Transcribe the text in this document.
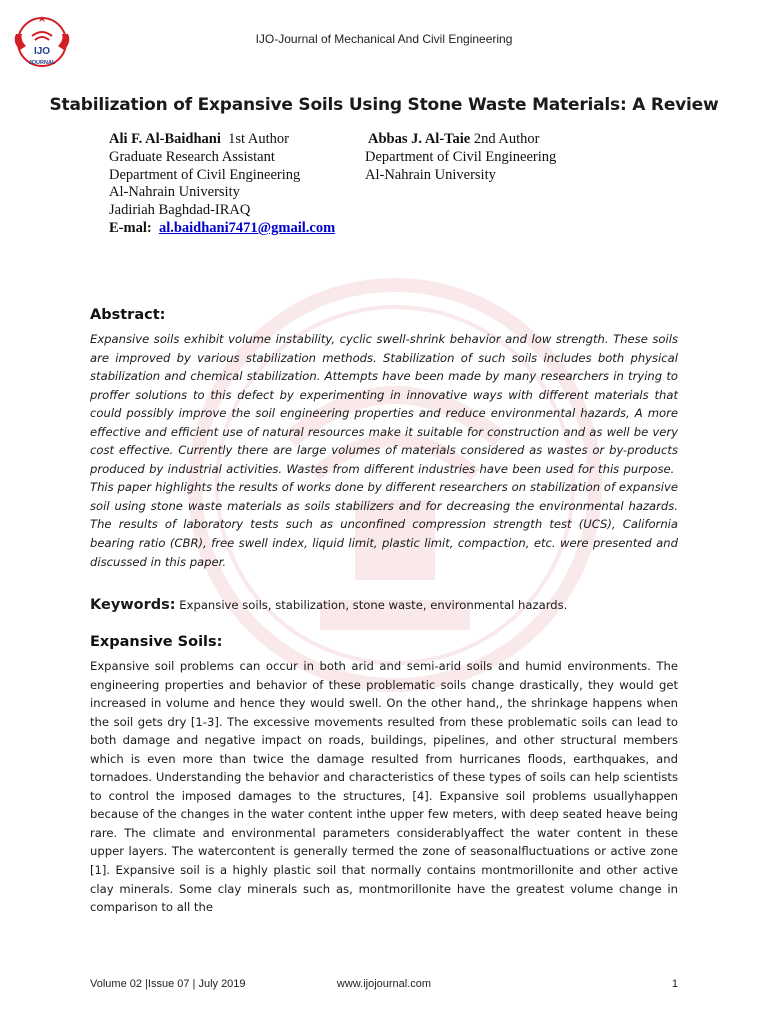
IJO
JOURNAL
IJO-Journal of Mechanical And Civil Engineering
Stabilization of Expansive Soils Using Stone Waste Materials: A Review
Ali F. Al-Baidhani 1st Author
Graduate Research Assistant
Department of Civil Engineering
Al-Nahrain University
Jadiriah Baghdad-IRAQ
E-mal: al.baidhani7471@gmail.com
Abbas J. Al-Taie 2nd Author
Department of Civil Engineering
Al-Nahrain University
Abstract:
Expansive soils exhibit volume instability, cyclic swell-shrink behavior and low strength. These soils are improved by various stabilization methods. Stabilization of such soils includes both physical stabilization and chemical stabilization. Attempts have been made by many researchers in trying to proffer solutions to this defect by experimenting in innovative ways with different materials that could possibly improve the soil engineering properties and reduce environmental hazards, A more effective and efficient use of natural resources make it suitable for construction and as well be very cost effective. Currently there are large volumes of materials considered as wastes or by-products produced by industrial activities. Wastes from different industries have been used for this purpose.  This paper highlights the results of works done by different researchers on stabilization of expansive soil using stone waste materials as soils stabilizers and for decreasing the environmental hazards. The results of laboratory tests such as unconfined compression strength test (UCS), California bearing ratio (CBR), free swell index, liquid limit, plastic limit, compaction, etc. were presented and discussed in this paper.
Keywords: Expansive soils, stabilization, stone waste, environmental hazards.
Expansive Soils:
Expansive soil problems can occur in both arid and semi-arid soils and humid environments. The engineering properties and behavior of these problematic soils change drastically, they would get increased in volume and hence they would swell. On the other hand,, the shrinkage happens when the soil gets dry [1-3]. The excessive movements resulted from these problematic soils can lead to both damage and negative impact on roads, buildings, pipelines, and other structural members which is even more than twice the damage resulted from hurricanes floods, earthquakes, and tornadoes. Understanding the behavior and characteristics of these types of soils can help scientists to control the imposed damages to the structures, [4]. Expansive soil problems usuallyhappen because of the changes in the water content inthe upper few meters, with deep seated heave being rare. The climate and environmental parameters considerablyaffect the water content in these upper layers. The watercontent is generally termed the zone of seasonalfluctuations or active zone [1]. Expansive soil is a highly plastic soil that normally contains montmorillonite and other active clay minerals. Some clay minerals such as, montmorillonite have the greatest volume change in comparison to all the
Volume 02 |Issue 07 | July 2019	www.ijojournal.com	1
